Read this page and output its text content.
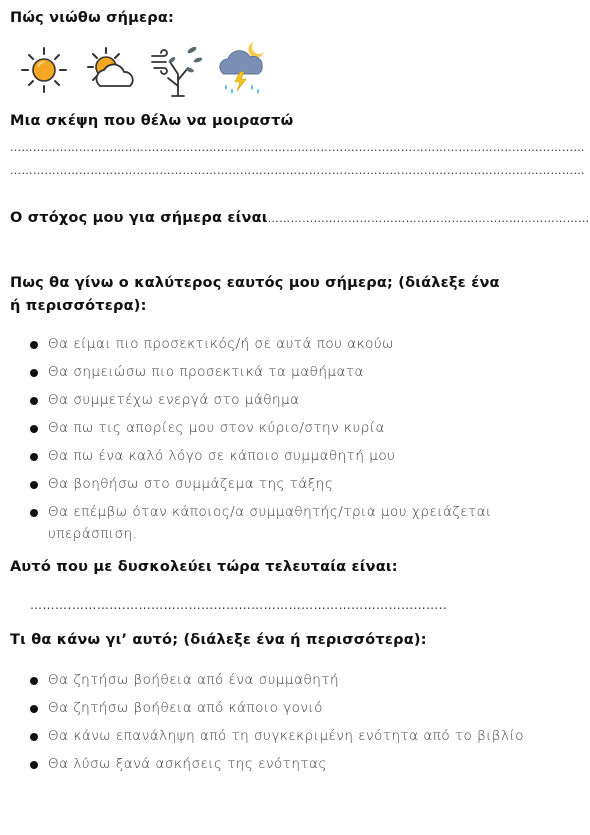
Πώς νιώθω σήμερα:
Μια σκέψη που θέλω να μοιραστώ
……………………………………………………………………………………………………………………………………
……………………………………………………………………………………………………………………………………
Ο στόχος μου για σήμερα είναι…………………………………………………………………………
Πως θα γίνω ο καλύτερος εαυτός μου σήμερα; (διάλεξε ένα ή περισσότερα):
Θα είμαι πιο προσεκτικός/ή σε αυτά που ακούω
Θα σημειώσω πιο προσεκτικά τα μαθήματα
Θα συμμετέχω ενεργά στο μάθημα
Θα πω τις απορίες μου στον κύριο/στην κυρία
Θα πω ένα καλό λόγο σε κάποιο συμμαθητή μου
Θα βοηθήσω στο συμμάζεμα της τάξης
Θα επέμβω όταν κάποιος/α συμμαθητής/τρια μου χρειάζεται υπεράσπιση.
Αυτό που με δυσκολεύει τώρα τελευταία είναι:
……….………….…………………………………………………………………..
Τι θα κάνω γι’ αυτό; (διάλεξε ένα ή περισσότερα):
Θα ζητήσω βοήθεια από ένα συμμαθητή
Θα ζητήσω βοήθεια από κάποιο γονιό
Θα κάνω επανάληψη από τη συγκεκριμένη ενότητα από το βιβλίο
Θα λύσω ξανά ασκήσεις της ενότητας
